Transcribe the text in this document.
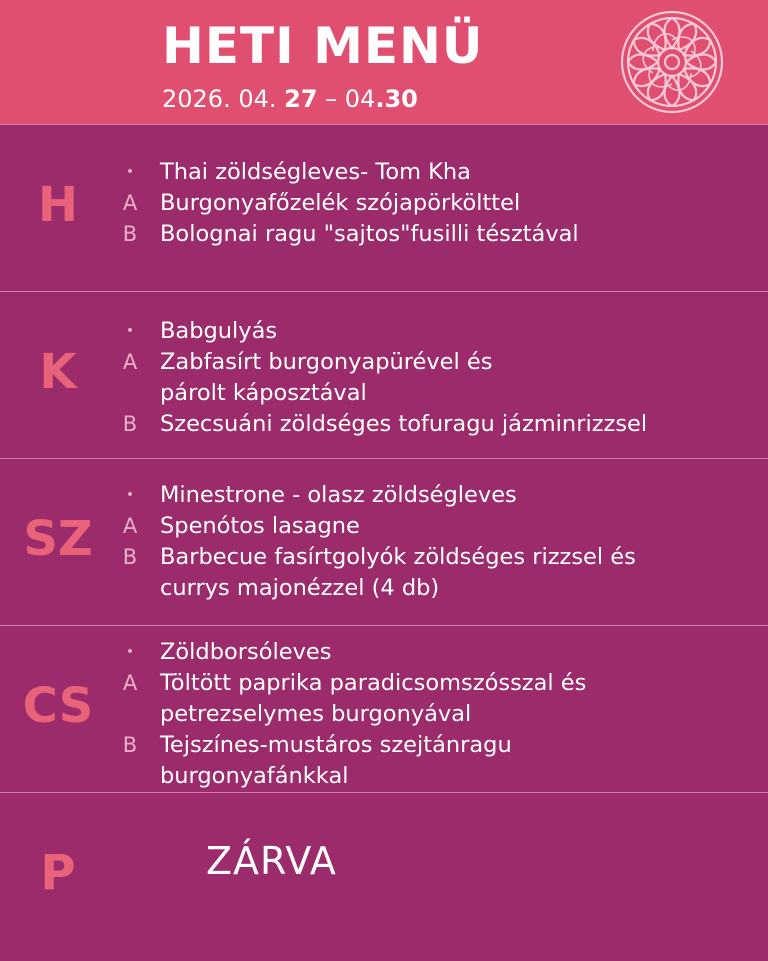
HETI MENÜ
2026. 04. 27 – 04.30
H
•	Thai zöldségleves- Tom Kha
A Burgonyafőzelék szójapörkölttel
B Bolognai ragu "sajtos"fusilli tésztával
K
•	Babgulyás
A Zabfasírt burgonyapürével és
párolt káposztával
B Szecsuáni zöldséges tofuragu jázminrizzsel
SZ
•	Minestrone - olasz zöldségleves
A Spenótos lasagne
B Barbecue fasírtgolyók zöldséges rizzsel és
currys majonézzel (4 db)
CS
•	Zöldborsóleves
A Töltött paprika paradicsomszósszal és
petrezselymes burgonyával
B Tejszínes-mustáros szejtánragu
burgonyafánkkal
P	ZÁRVA
